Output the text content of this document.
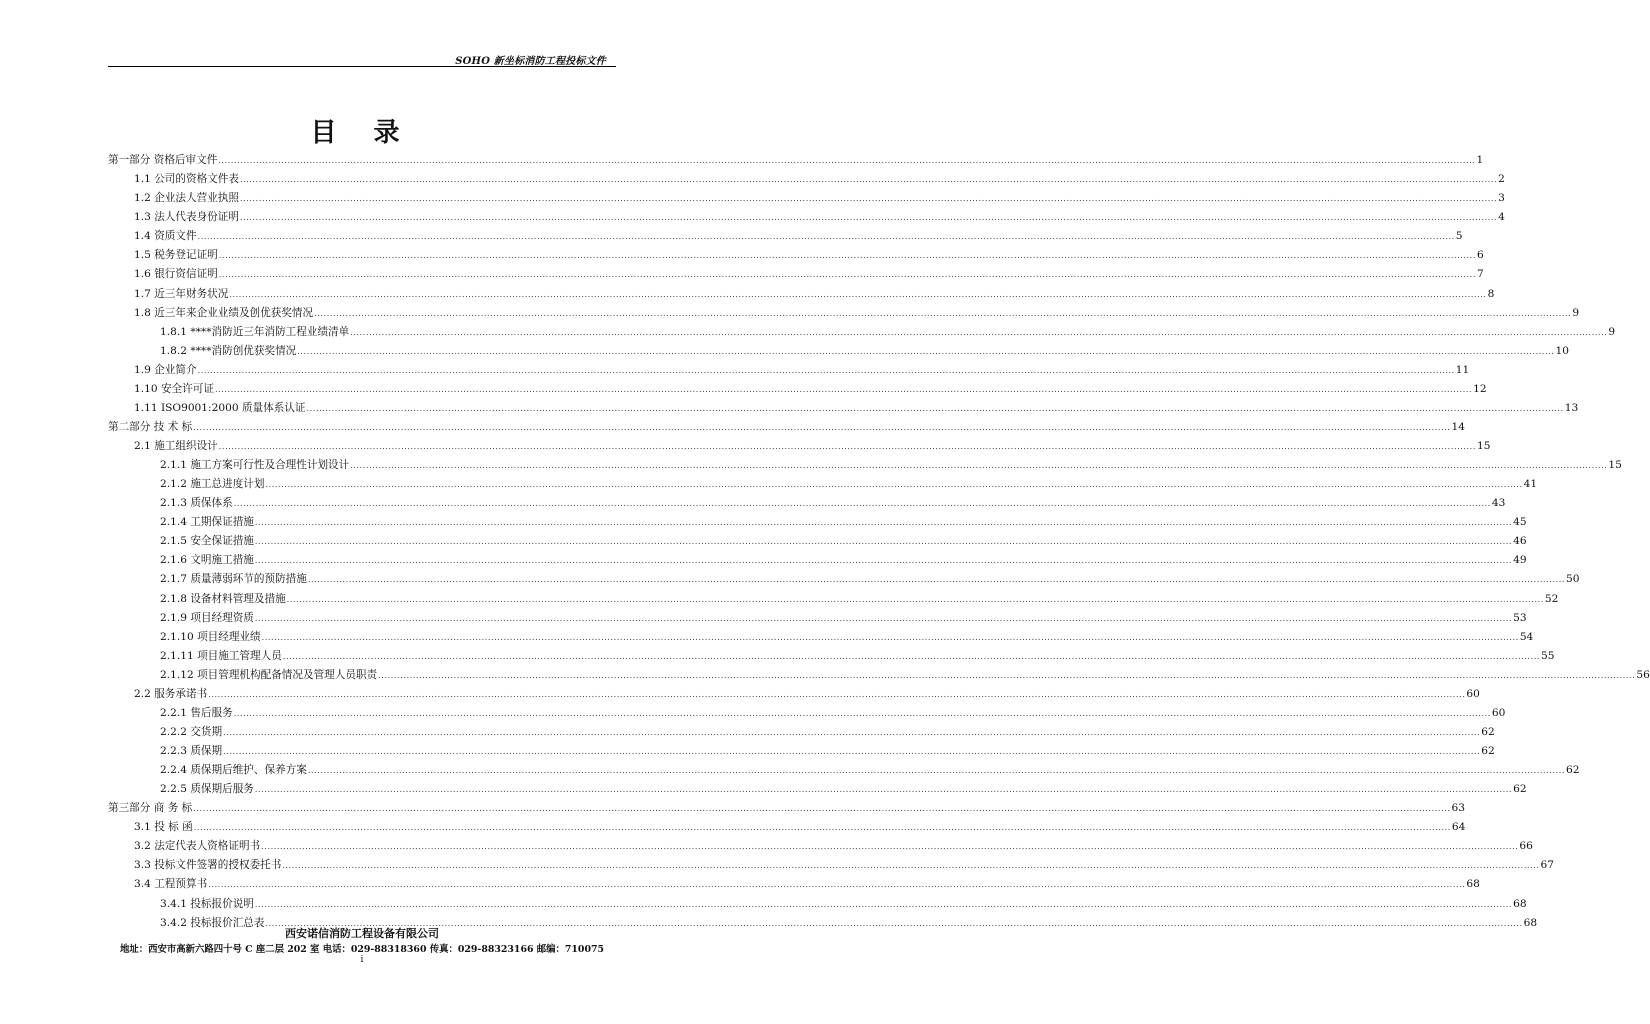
SOHO 新坐标消防工程投标文件
目 录
第一部分 资格后审文件 ................................................................................................................................................................................................................................................................................................................................................................................................................ 1
1.1 公司的资格文件表 ................................................................................................................................................................................................................................................................................................................................................................................................................ 2
1.2 企业法人营业执照 ................................................................................................................................................................................................................................................................................................................................................................................................................ 3
1.3 法人代表身份证明 ................................................................................................................................................................................................................................................................................................................................................................................................................ 4
1.4 资质文件 ................................................................................................................................................................................................................................................................................................................................................................................................................ 5
1.5 税务登记证明 ................................................................................................................................................................................................................................................................................................................................................................................................................ 6
1.6 银行资信证明 ................................................................................................................................................................................................................................................................................................................................................................................................................ 7
1.7 近三年财务状况 ................................................................................................................................................................................................................................................................................................................................................................................................................ 8
1.8 近三年来企业业绩及创优获奖情况 ................................................................................................................................................................................................................................................................................................................................................................................................................ 9
1.8.1 ****消防近三年消防工程业绩清单 ................................................................................................................................................................................................................................................................................................................................................................................................................ 9
1.8.2 ****消防创优获奖情况 ................................................................................................................................................................................................................................................................................................................................................................................................................ 10
1.9 企业简介 ................................................................................................................................................................................................................................................................................................................................................................................................................ 11
1.10 安全许可证 ................................................................................................................................................................................................................................................................................................................................................................................................................ 12
1.11 ISO9001:2000 质量体系认证 ................................................................................................................................................................................................................................................................................................................................................................................................................ 13
第二部分 技 术 标 ................................................................................................................................................................................................................................................................................................................................................................................................................ 14
2.1 施工组织设计 ................................................................................................................................................................................................................................................................................................................................................................................................................ 15
2.1.1 施工方案可行性及合理性计划设计 ................................................................................................................................................................................................................................................................................................................................................................................................................ 15
2.1.2 施工总进度计划 ................................................................................................................................................................................................................................................................................................................................................................................................................ 41
2.1.3 质保体系 ................................................................................................................................................................................................................................................................................................................................................................................................................ 43
2.1.4 工期保证措施 ................................................................................................................................................................................................................................................................................................................................................................................................................ 45
2.1.5 安全保证措施 ................................................................................................................................................................................................................................................................................................................................................................................................................ 46
2.1.6 文明施工措施 ................................................................................................................................................................................................................................................................................................................................................................................................................ 49
2.1.7 质量薄弱环节的预防措施 ................................................................................................................................................................................................................................................................................................................................................................................................................ 50
2.1.8 设备材料管理及措施 ................................................................................................................................................................................................................................................................................................................................................................................................................ 52
2.1.9 项目经理资质 ................................................................................................................................................................................................................................................................................................................................................................................................................ 53
2.1.10 项目经理业绩 ................................................................................................................................................................................................................................................................................................................................................................................................................ 54
2.1.11 项目施工管理人员 ................................................................................................................................................................................................................................................................................................................................................................................................................ 55
2.1.12 项目管理机构配备情况及管理人员职责 ................................................................................................................................................................................................................................................................................................................................................................................................................ 56
2.2 服务承诺书 ................................................................................................................................................................................................................................................................................................................................................................................................................ 60
2.2.1 售后服务 ................................................................................................................................................................................................................................................................................................................................................................................................................ 60
2.2.2 交货期 ................................................................................................................................................................................................................................................................................................................................................................................................................ 62
2.2.3 质保期 ................................................................................................................................................................................................................................................................................................................................................................................................................ 62
2.2.4 质保期后维护、保养方案 ................................................................................................................................................................................................................................................................................................................................................................................................................ 62
2.2.5 质保期后服务 ................................................................................................................................................................................................................................................................................................................................................................................................................ 62
第三部分 商 务 标 ................................................................................................................................................................................................................................................................................................................................................................................................................ 63
3.1 投 标 函 ................................................................................................................................................................................................................................................................................................................................................................................................................ 64
3.2 法定代表人资格证明书 ................................................................................................................................................................................................................................................................................................................................................................................................................ 66
3.3 投标文件签署的授权委托书 ................................................................................................................................................................................................................................................................................................................................................................................................................ 67
3.4 工程预算书 ................................................................................................................................................................................................................................................................................................................................................................................................................ 68
3.4.1 投标报价说明 ................................................................................................................................................................................................................................................................................................................................................................................................................ 68
3.4.2 投标报价汇总表 ................................................................................................................................................................................................................................................................................................................................................................................................................ 68
西安诺信消防工程设备有限公司
地址：西安市高新六路四十号 C 座二层 202 室 电话：029-88318360 传真：029-88323166 邮编：710075
i
